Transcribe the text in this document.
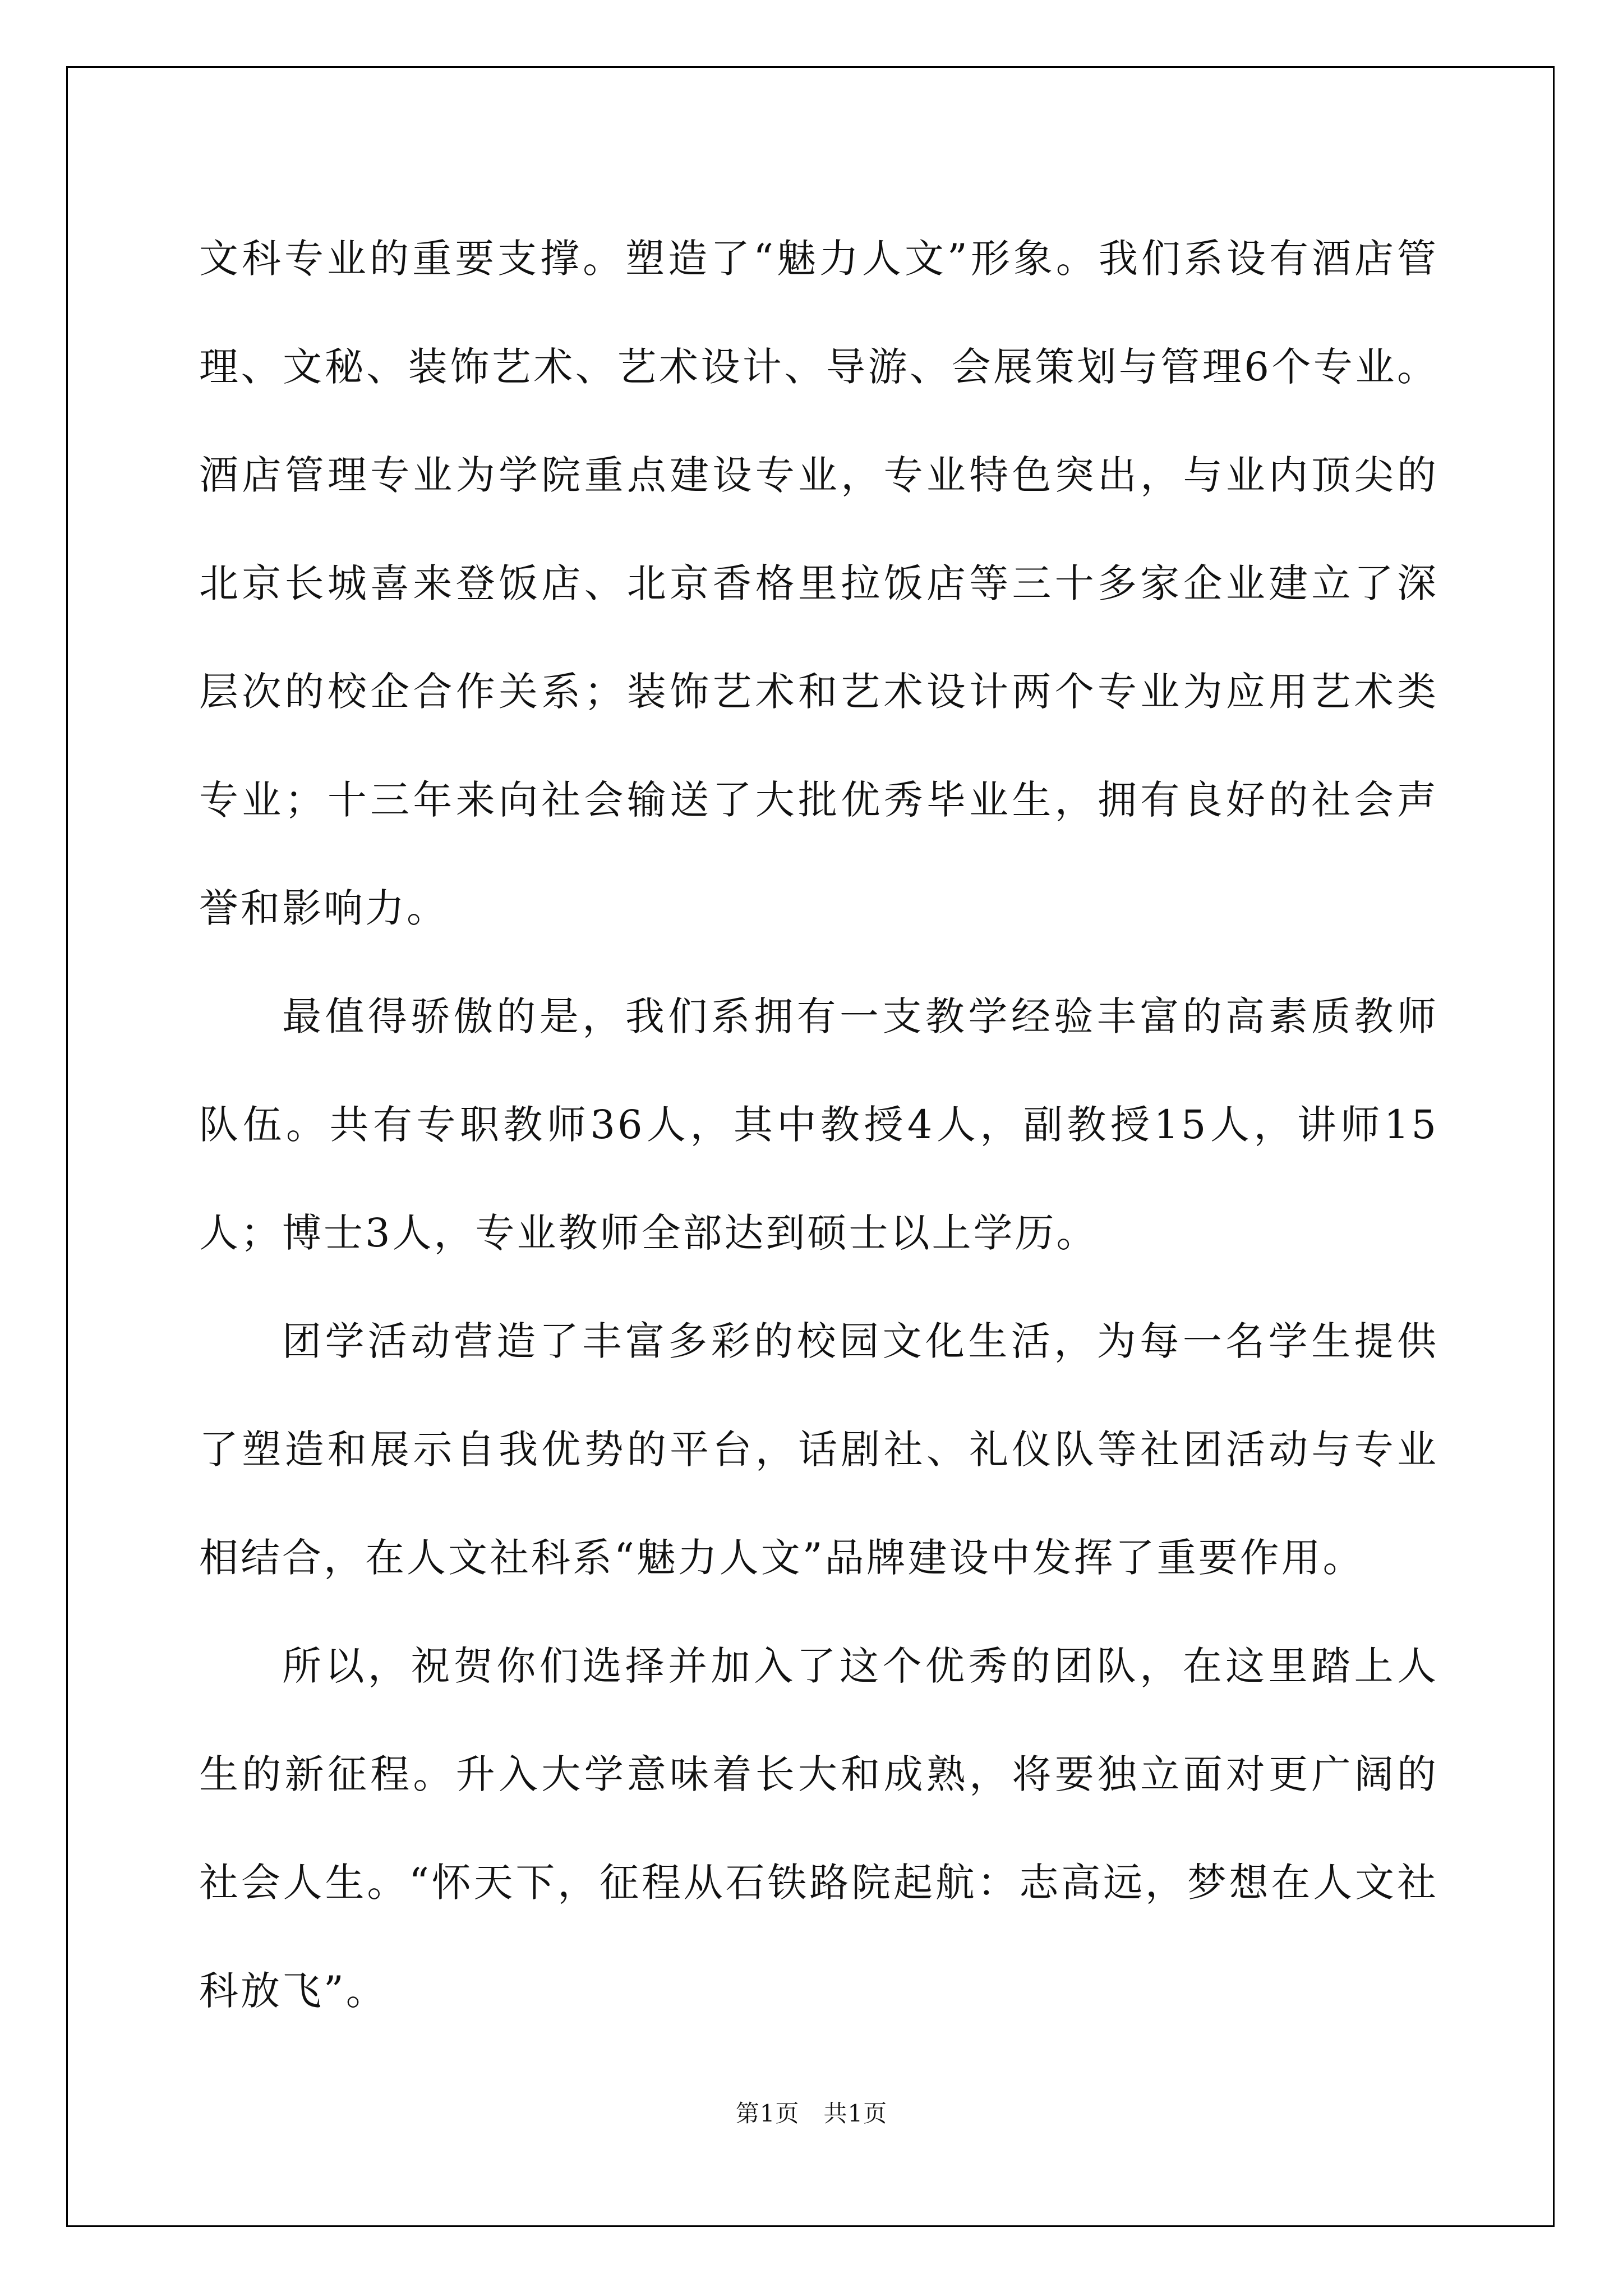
文科专业的重要支撑。塑造了“魅力人文”形象。我们系设有酒店管理、文秘、装饰艺术、艺术设计、导游、会展策划与管理6个专业。酒店管理专业为学院重点建设专业，专业特色突出，与业内顶尖的北京长城喜来登饭店、北京香格里拉饭店等三十多家企业建立了深层次的校企合作关系；装饰艺术和艺术设计两个专业为应用艺术类专业；十三年来向社会输送了大批优秀毕业生，拥有良好的社会声誉和影响力。

最值得骄傲的是，我们系拥有一支教学经验丰富的高素质教师队伍。共有专职教师36人，其中教授4人，副教授15人，讲师15人；博士3人，专业教师全部达到硕士以上学历。

团学活动营造了丰富多彩的校园文化生活，为每一名学生提供了塑造和展示自我优势的平台，话剧社、礼仪队等社团活动与专业相结合，在人文社科系“魅力人文”品牌建设中发挥了重要作用。

所以，祝贺你们选择并加入了这个优秀的团队，在这里踏上人生的新征程。升入大学意味着长大和成熟，将要独立面对更广阔的社会人生。“怀天下，征程从石铁路院起航：志高远，梦想在人文社科放飞”。

第1页   共1页
